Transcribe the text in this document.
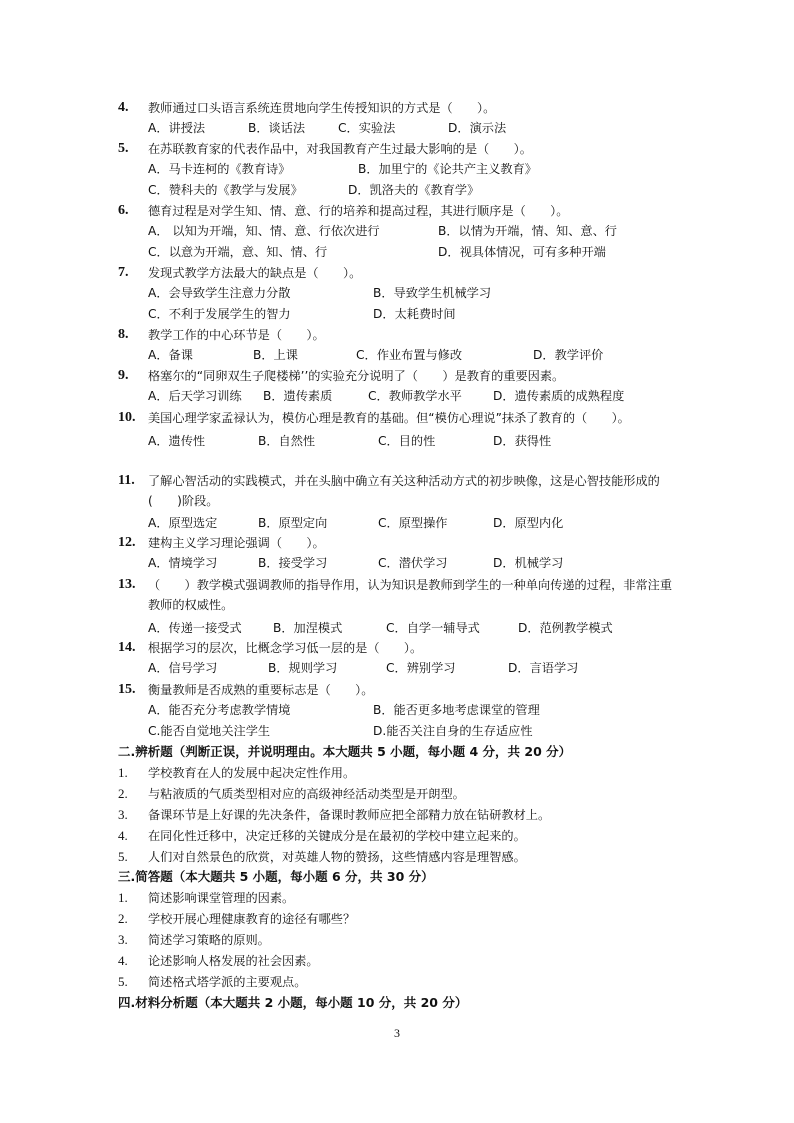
4.	教师通过口头语言系统连贯地向学生传授知识的方式是（　　）。
A．讲授法	B．谈话法	C．实验法	D．演示法
5.	在苏联教育家的代表作品中，对我国教育产生过最大影响的是（　　）。
A．马卡连柯的《教育诗》	B．加里宁的《论共产主义教育》
C．赞科夫的《教学与发展》	D．凯洛夫的《教育学》
6.	德育过程是对学生知、情、意、行的培养和提高过程，其进行顺序是（　　）。
A． 以知为开端，知、情、意、行依次进行	B．以情为开端，情、知、意、行
C．以意为开端，意、知、情、行	D．视具体情况，可有多种开端
7.	发现式教学方法最大的缺点是（　　）。
A．会导致学生注意力分散	B．导致学生机械学习
C．不利于发展学生的智力	D．太耗费时间
8.	教学工作的中心环节是（　　）。
A．备课	B．上课	C．作业布置与修改	D．教学评价
9.	格塞尔的“同卵双生子爬楼梯’’的实验充分说明了（　　）是教育的重要因素。
A．后天学习训练 B．遗传素质	C．教师教学水平	D．遗传素质的成熟程度
10.	美国心理学家孟禄认为，模仿心理是教育的基础。但“模仿心理说”抹杀了教育的（　　）。
A．遗传性	B．自然性	C．目的性	D．获得性
11.	了解心智活动的实践模式，并在头脑中确立有关这种活动方式的初步映像，这是心智技能形成的(　　)阶段。
A．原型选定	B．原型定向	C．原型操作	D．原型内化
12.	建构主义学习理论强调（　　）。
A．情境学习	B．接受学习	C．潜伏学习	D．机械学习
13.	（　　）教学模式强调教师的指导作用，认为知识是教师到学生的一种单向传递的过程，非常注重教师的权威性。
A．传递一接受式	B．加涅模式	C．自学一辅导式	D．范例教学模式
14.	根据学习的层次，比概念学习低一层的是（　　）。
A．信号学习	B．规则学习	C．辨别学习	D．言语学习
15.	衡量教师是否成熟的重要标志是（　　）。
A．能否充分考虑教学情境	B．能否更多地考虑课堂的管理
C.能否自觉地关注学生	D.能否关注自身的生存适应性
二.辨析题（判断正误，并说明理由。本大题共 5 小题，每小题 4 分，共 20 分）
1. 学校教育在人的发展中起决定性作用。
2. 与粘液质的气质类型相对应的高级神经活动类型是开朗型。
3. 备课环节是上好课的先决条件，备课时教师应把全部精力放在钻研教材上。
4. 在同化性迁移中，决定迁移的关键成分是在最初的学校中建立起来的。
5. 人们对自然景色的欣赏，对英雄人物的赞扬，这些情感内容是理智感。
三.简答题（本大题共 5 小题，每小题 6 分，共 30 分）
1. 简述影响课堂管理的因素。
2. 学校开展心理健康教育的途径有哪些？
3. 简述学习策略的原则。
4. 论述影响人格发展的社会因素。
5. 简述格式塔学派的主要观点。
四.材料分析题（本大题共 2 小题，每小题 10 分，共 20 分）
3
